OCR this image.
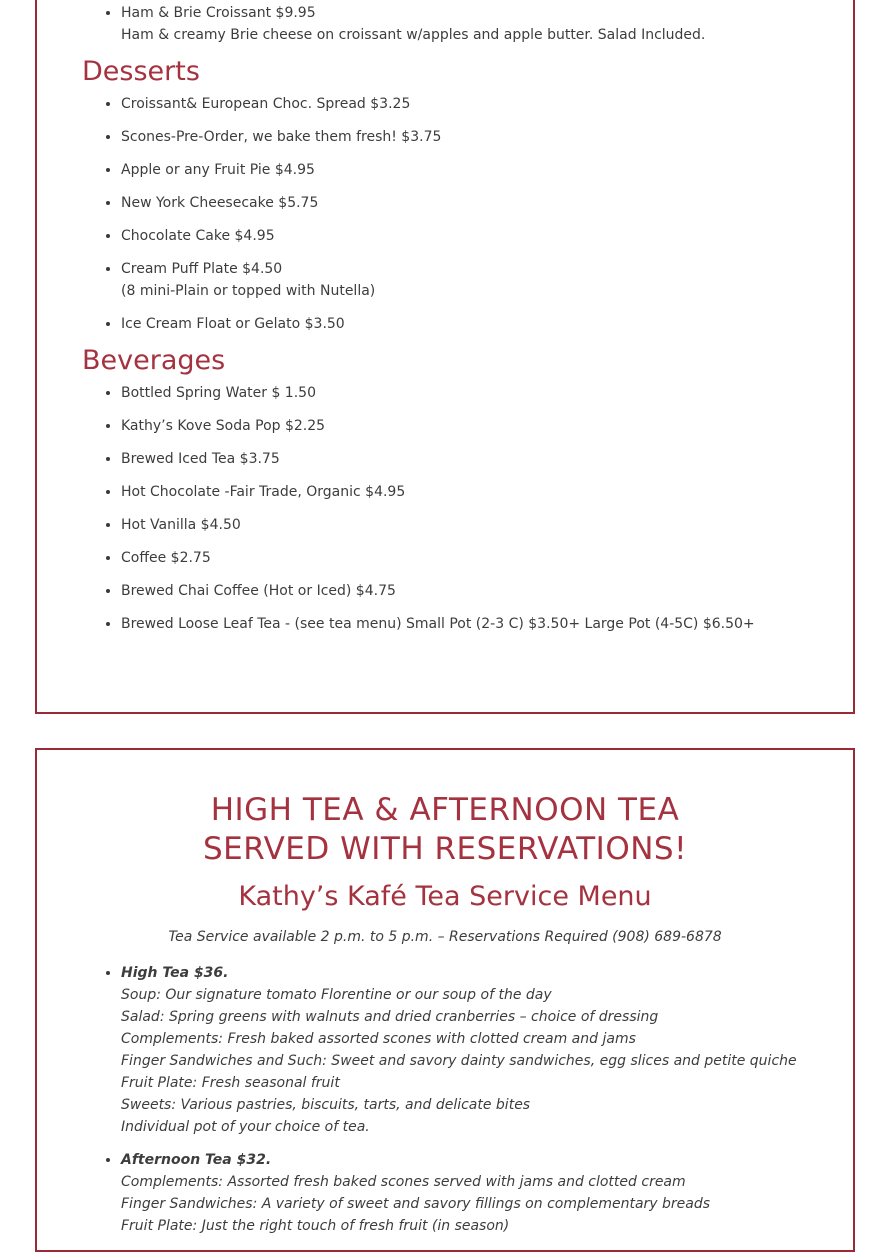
• Ham & Brie Croissant $9.95
Ham & creamy Brie cheese on croissant w/apples and apple butter. Salad Included.
Desserts
• Croissant& European Choc. Spread $3.25
• Scones-Pre-Order, we bake them fresh! $3.75
• Apple or any Fruit Pie $4.95
• New York Cheesecake $5.75
• Chocolate Cake $4.95
• Cream Puff Plate $4.50
(8 mini-Plain or topped with Nutella)
• Ice Cream Float or Gelato $3.50
Beverages
• Bottled Spring Water $ 1.50
• Kathy’s Kove Soda Pop $2.25
• Brewed Iced Tea $3.75
• Hot Chocolate -Fair Trade, Organic $4.95
• Hot Vanilla $4.50
• Coffee $2.75
• Brewed Chai Coffee (Hot or Iced) $4.75
• Brewed Loose Leaf Tea - (see tea menu) Small Pot (2-3 C) $3.50+ Large Pot (4-5C) $6.50+
HIGH TEA & AFTERNOON TEA
SERVED WITH RESERVATIONS!
Kathy’s Kafé Tea Service Menu
Tea Service available 2 p.m. to 5 p.m. – Reservations Required (908) 689-6878
• High Tea $36.
Soup: Our signature tomato Florentine or our soup of the day
Salad: Spring greens with walnuts and dried cranberries – choice of dressing
Complements: Fresh baked assorted scones with clotted cream and jams
Finger Sandwiches and Such: Sweet and savory dainty sandwiches, egg slices and petite quiche
Fruit Plate: Fresh seasonal fruit
Sweets: Various pastries, biscuits, tarts, and delicate bites
Individual pot of your choice of tea.
• Afternoon Tea $32.
Complements: Assorted fresh baked scones served with jams and clotted cream
Finger Sandwiches: A variety of sweet and savory fillings on complementary breads
Fruit Plate: Just the right touch of fresh fruit (in season)
